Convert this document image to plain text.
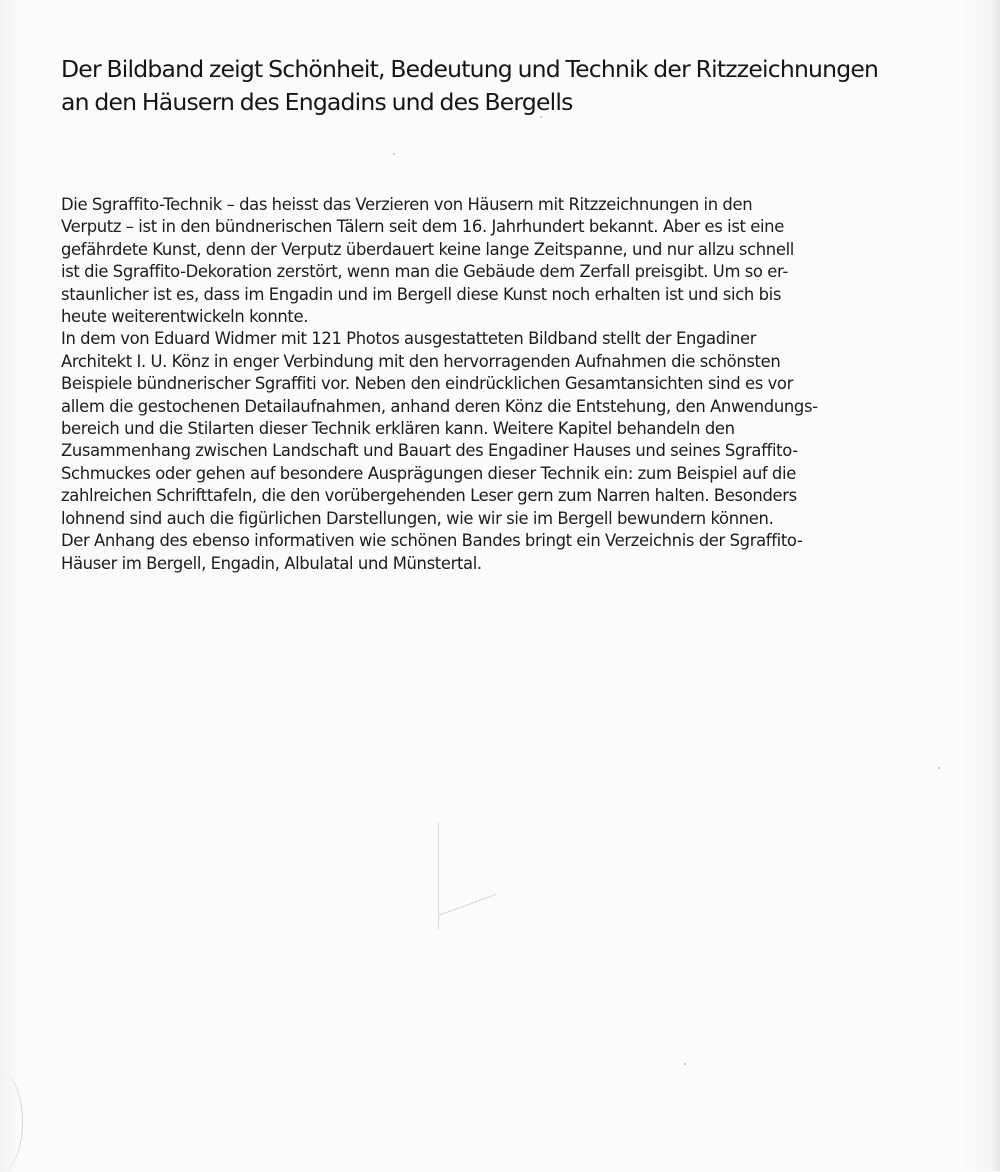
Der Bildband zeigt Schönheit, Bedeutung und Technik der Ritzzeichnungen
an den Häusern des Engadins und des Bergells
Die Sgraffito-Technik – das heisst das Verzieren von Häusern mit Ritzzeichnungen in den
Verputz – ist in den bündnerischen Tälern seit dem 16. Jahrhundert bekannt. Aber es ist eine
gefährdete Kunst, denn der Verputz überdauert keine lange Zeitspanne, und nur allzu schnell
ist die Sgraffito-Dekoration zerstört, wenn man die Gebäude dem Zerfall preisgibt. Um so er-
staunlicher ist es, dass im Engadin und im Bergell diese Kunst noch erhalten ist und sich bis
heute weiterentwickeln konnte.
In dem von Eduard Widmer mit 121 Photos ausgestatteten Bildband stellt der Engadiner
Architekt I. U. Könz in enger Verbindung mit den hervorragenden Aufnahmen die schönsten
Beispiele bündnerischer Sgraffiti vor. Neben den eindrücklichen Gesamtansichten sind es vor
allem die gestochenen Detailaufnahmen, anhand deren Könz die Entstehung, den Anwendungs-
bereich und die Stilarten dieser Technik erklären kann. Weitere Kapitel behandeln den
Zusammenhang zwischen Landschaft und Bauart des Engadiner Hauses und seines Sgraffito-
Schmuckes oder gehen auf besondere Ausprägungen dieser Technik ein: zum Beispiel auf die
zahlreichen Schrifttafeln, die den vorübergehenden Leser gern zum Narren halten. Besonders
lohnend sind auch die figürlichen Darstellungen, wie wir sie im Bergell bewundern können.
Der Anhang des ebenso informativen wie schönen Bandes bringt ein Verzeichnis der Sgraffito-
Häuser im Bergell, Engadin, Albulatal und Münstertal.
